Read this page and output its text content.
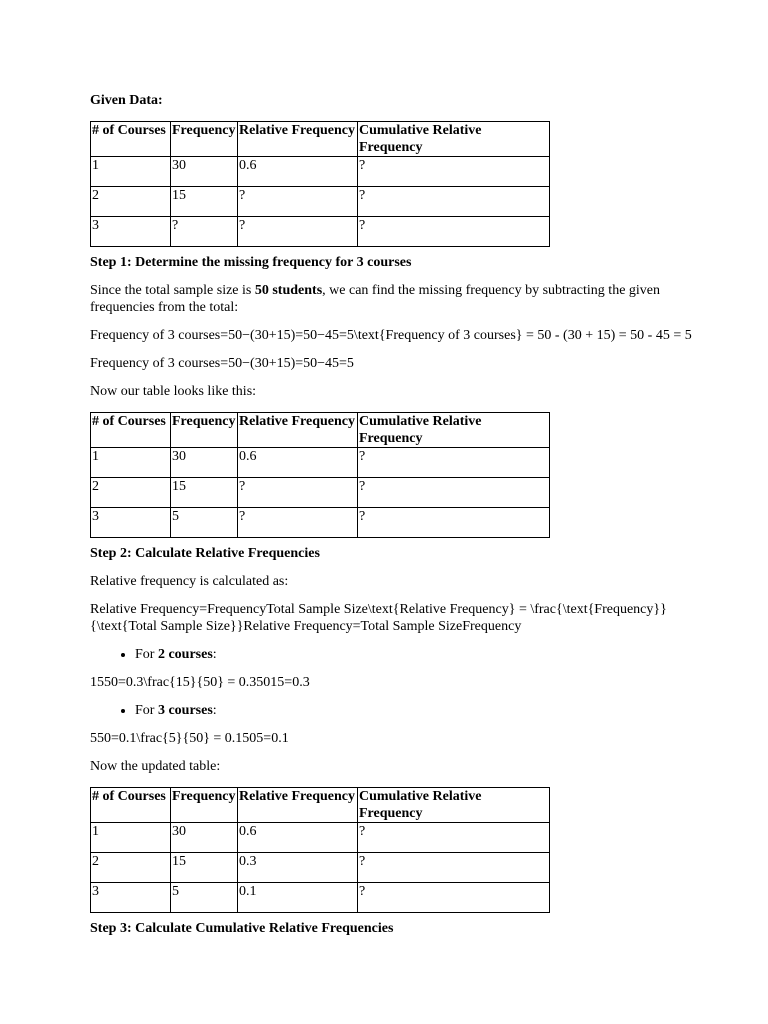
Given Data:

# of Courses	Frequency	Relative Frequency	Cumulative Relative Frequency
1	30	0.6	?
2	15	?	?
3	?	?	?

Step 1: Determine the missing frequency for 3 courses

Since the total sample size is 50 students, we can find the missing frequency by subtracting the given frequencies from the total:

Frequency of 3 courses=50−(30+15)=50−45=5\text{Frequency of 3 courses} = 50 - (30 + 15) = 50 - 45 = 5

Frequency of 3 courses=50−(30+15)=50−45=5

Now our table looks like this:

# of Courses	Frequency	Relative Frequency	Cumulative Relative Frequency
1	30	0.6	?
2	15	?	?
3	5	?	?

Step 2: Calculate Relative Frequencies

Relative frequency is calculated as:

Relative Frequency=FrequencyTotal Sample Size\text{Relative Frequency} = \frac{\text{Frequency}}{\text{Total Sample Size}}Relative Frequency=Total Sample SizeFrequency

• For 2 courses:

1550=0.3\frac{15}{50} = 0.35015​=0.3

• For 3 courses:

550=0.1\frac{5}{50} = 0.1505​=0.1

Now the updated table:

# of Courses	Frequency	Relative Frequency	Cumulative Relative Frequency
1	30	0.6	?
2	15	0.3	?
3	5	0.1	?

Step 3: Calculate Cumulative Relative Frequencies
